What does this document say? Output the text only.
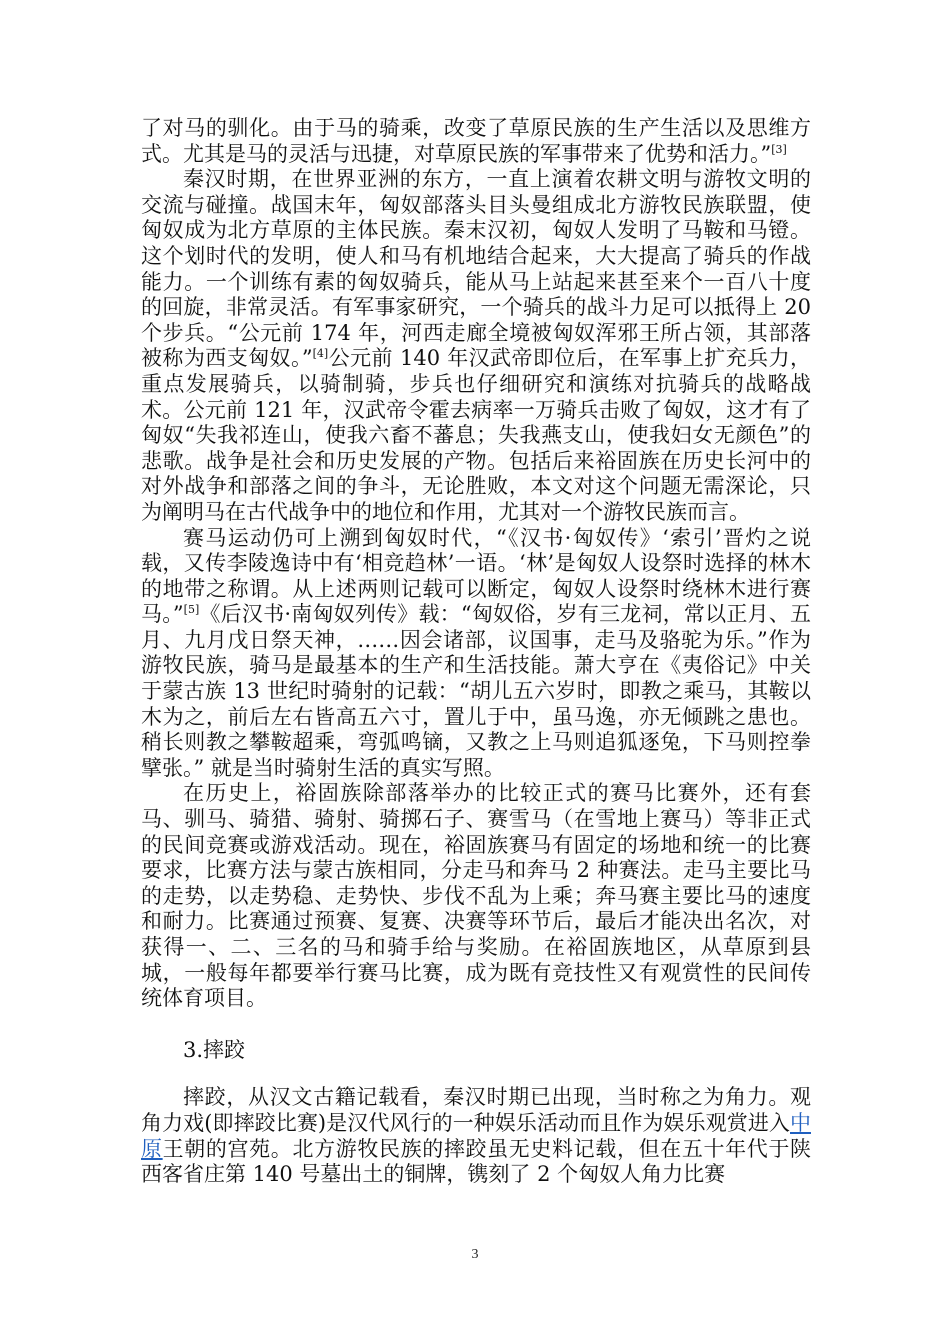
了对马的驯化。由于马的骑乘，改变了草原民族的生产生活以及思维方式。尤其是马的灵活与迅捷，对草原民族的军事带来了优势和活力。”[3]

秦汉时期，在世界亚洲的东方，一直上演着农耕文明与游牧文明的交流与碰撞。战国末年，匈奴部落头目头曼组成北方游牧民族联盟，使匈奴成为北方草原的主体民族。秦末汉初，匈奴人发明了马鞍和马镫。这个划时代的发明，使人和马有机地结合起来，大大提高了骑兵的作战能力。一个训练有素的匈奴骑兵，能从马上站起来甚至来个一百八十度的回旋，非常灵活。有军事家研究，一个骑兵的战斗力足可以抵得上 20 个步兵。“公元前 174 年，河西走廊全境被匈奴浑邪王所占领，其部落被称为西支匈奴。”[4]公元前 140 年汉武帝即位后，在军事上扩充兵力，重点发展骑兵，以骑制骑，步兵也仔细研究和演练对抗骑兵的战略战术。公元前 121 年，汉武帝令霍去病率一万骑兵击败了匈奴，这才有了匈奴“失我祁连山，使我六畜不蕃息；失我燕支山，使我妇女无颜色”的悲歌。战争是社会和历史发展的产物。包括后来裕固族在历史长河中的对外战争和部落之间的争斗，无论胜败，本文对这个问题无需深论，只为阐明马在古代战争中的地位和作用，尤其对一个游牧民族而言。

赛马运动仍可上溯到匈奴时代，“《汉书·匈奴传》‘索引’晋灼之说载，又传李陵逸诗中有‘相竞趋林’一语。‘林’是匈奴人设祭时选择的林木的地带之称谓。从上述两则记载可以断定，匈奴人设祭时绕林木进行赛马。”[5]《后汉书·南匈奴列传》载：“匈奴俗，岁有三龙祠，常以正月、五月、九月戊日祭天神，……因会诸部，议国事，走马及骆驼为乐。”作为游牧民族，骑马是最基本的生产和生活技能。萧大亨在《夷俗记》中关于蒙古族 13 世纪时骑射的记载：“胡儿五六岁时，即教之乘马，其鞍以木为之，前后左右皆高五六寸，置儿于中，虽马逸，亦无倾跳之患也。稍长则教之攀鞍超乘，弯弧鸣镝，又教之上马则追狐逐兔，下马则控拳擘张。” 就是当时骑射生活的真实写照。

在历史上，裕固族除部落举办的比较正式的赛马比赛外，还有套马、驯马、骑猎、骑射、骑掷石子、赛雪马（在雪地上赛马）等非正式的民间竞赛或游戏活动。现在，裕固族赛马有固定的场地和统一的比赛要求，比赛方法与蒙古族相同，分走马和奔马 2 种赛法。走马主要比马的走势，以走势稳、走势快、步伐不乱为上乘；奔马赛主要比马的速度和耐力。比赛通过预赛、复赛、决赛等环节后，最后才能决出名次，对获得一、二、三名的马和骑手给与奖励。在裕固族地区，从草原到县城，一般每年都要举行赛马比赛，成为既有竞技性又有观赏性的民间传统体育项目。

3.摔跤

摔跤，从汉文古籍记载看，秦汉时期已出现，当时称之为角力。观角力戏(即摔跤比赛)是汉代风行的一种娱乐活动而且作为娱乐观赏进入中原王朝的宫苑。北方游牧民族的摔跤虽无史料记载，但在五十年代于陕西客省庄第 140 号墓出土的铜牌，镌刻了 2 个匈奴人角力比赛

3
